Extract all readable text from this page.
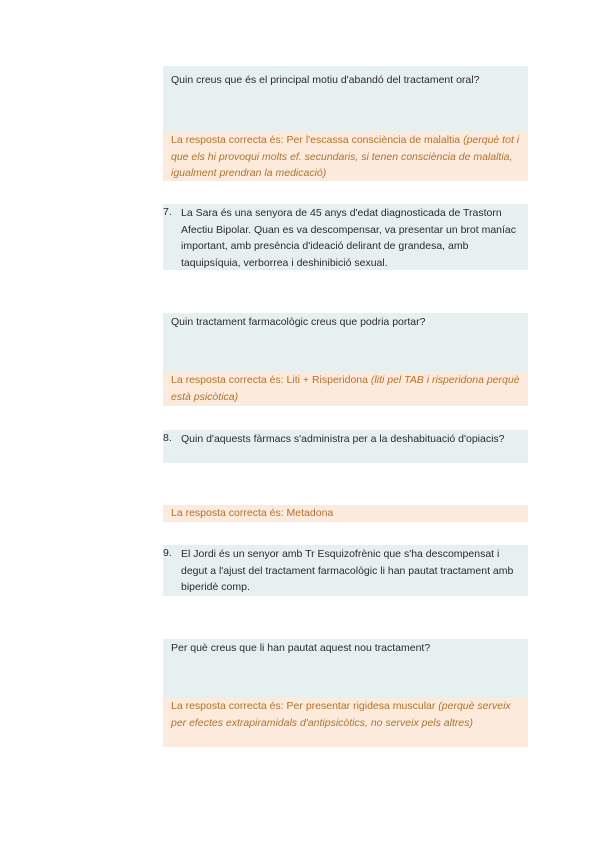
Quin creus que és el principal motiu d'abandó del tractament oral?
La resposta correcta és: Per l'escassa consciència de malaltia (perquè tot i que els hi provoqui molts ef. secundaris, si tenen consciència de malaltia, igualment prendran la medicació)
7. La Sara és una senyora de 45 anys d'edat diagnosticada de Trastorn Afectiu Bipolar. Quan es va descompensar, va presentar un brot maníac important, amb presència d'ideació delirant de grandesa, amb taquipsíquia, verborrea i deshinibició sexual.
Quin tractament farmacològic creus que podria portar?
La resposta correcta és: Liti + Risperidona (liti pel TAB i risperidona perquè està psicòtica)
8. Quin d'aquests fàrmacs s'administra per a la deshabituació d'opiacis?
La resposta correcta és: Metadona
9. El Jordi és un senyor amb Tr Esquizofrènic que s'ha descompensat i degut a l'ajust del tractament farmacològic li han pautat tractament amb biperidè comp.
Per què creus que li han pautat aquest nou tractament?
La resposta correcta és: Per presentar rigidesa muscular (perquè serveix per efectes extrapiramidals d'antipsicòtics, no serveix pels altres)
